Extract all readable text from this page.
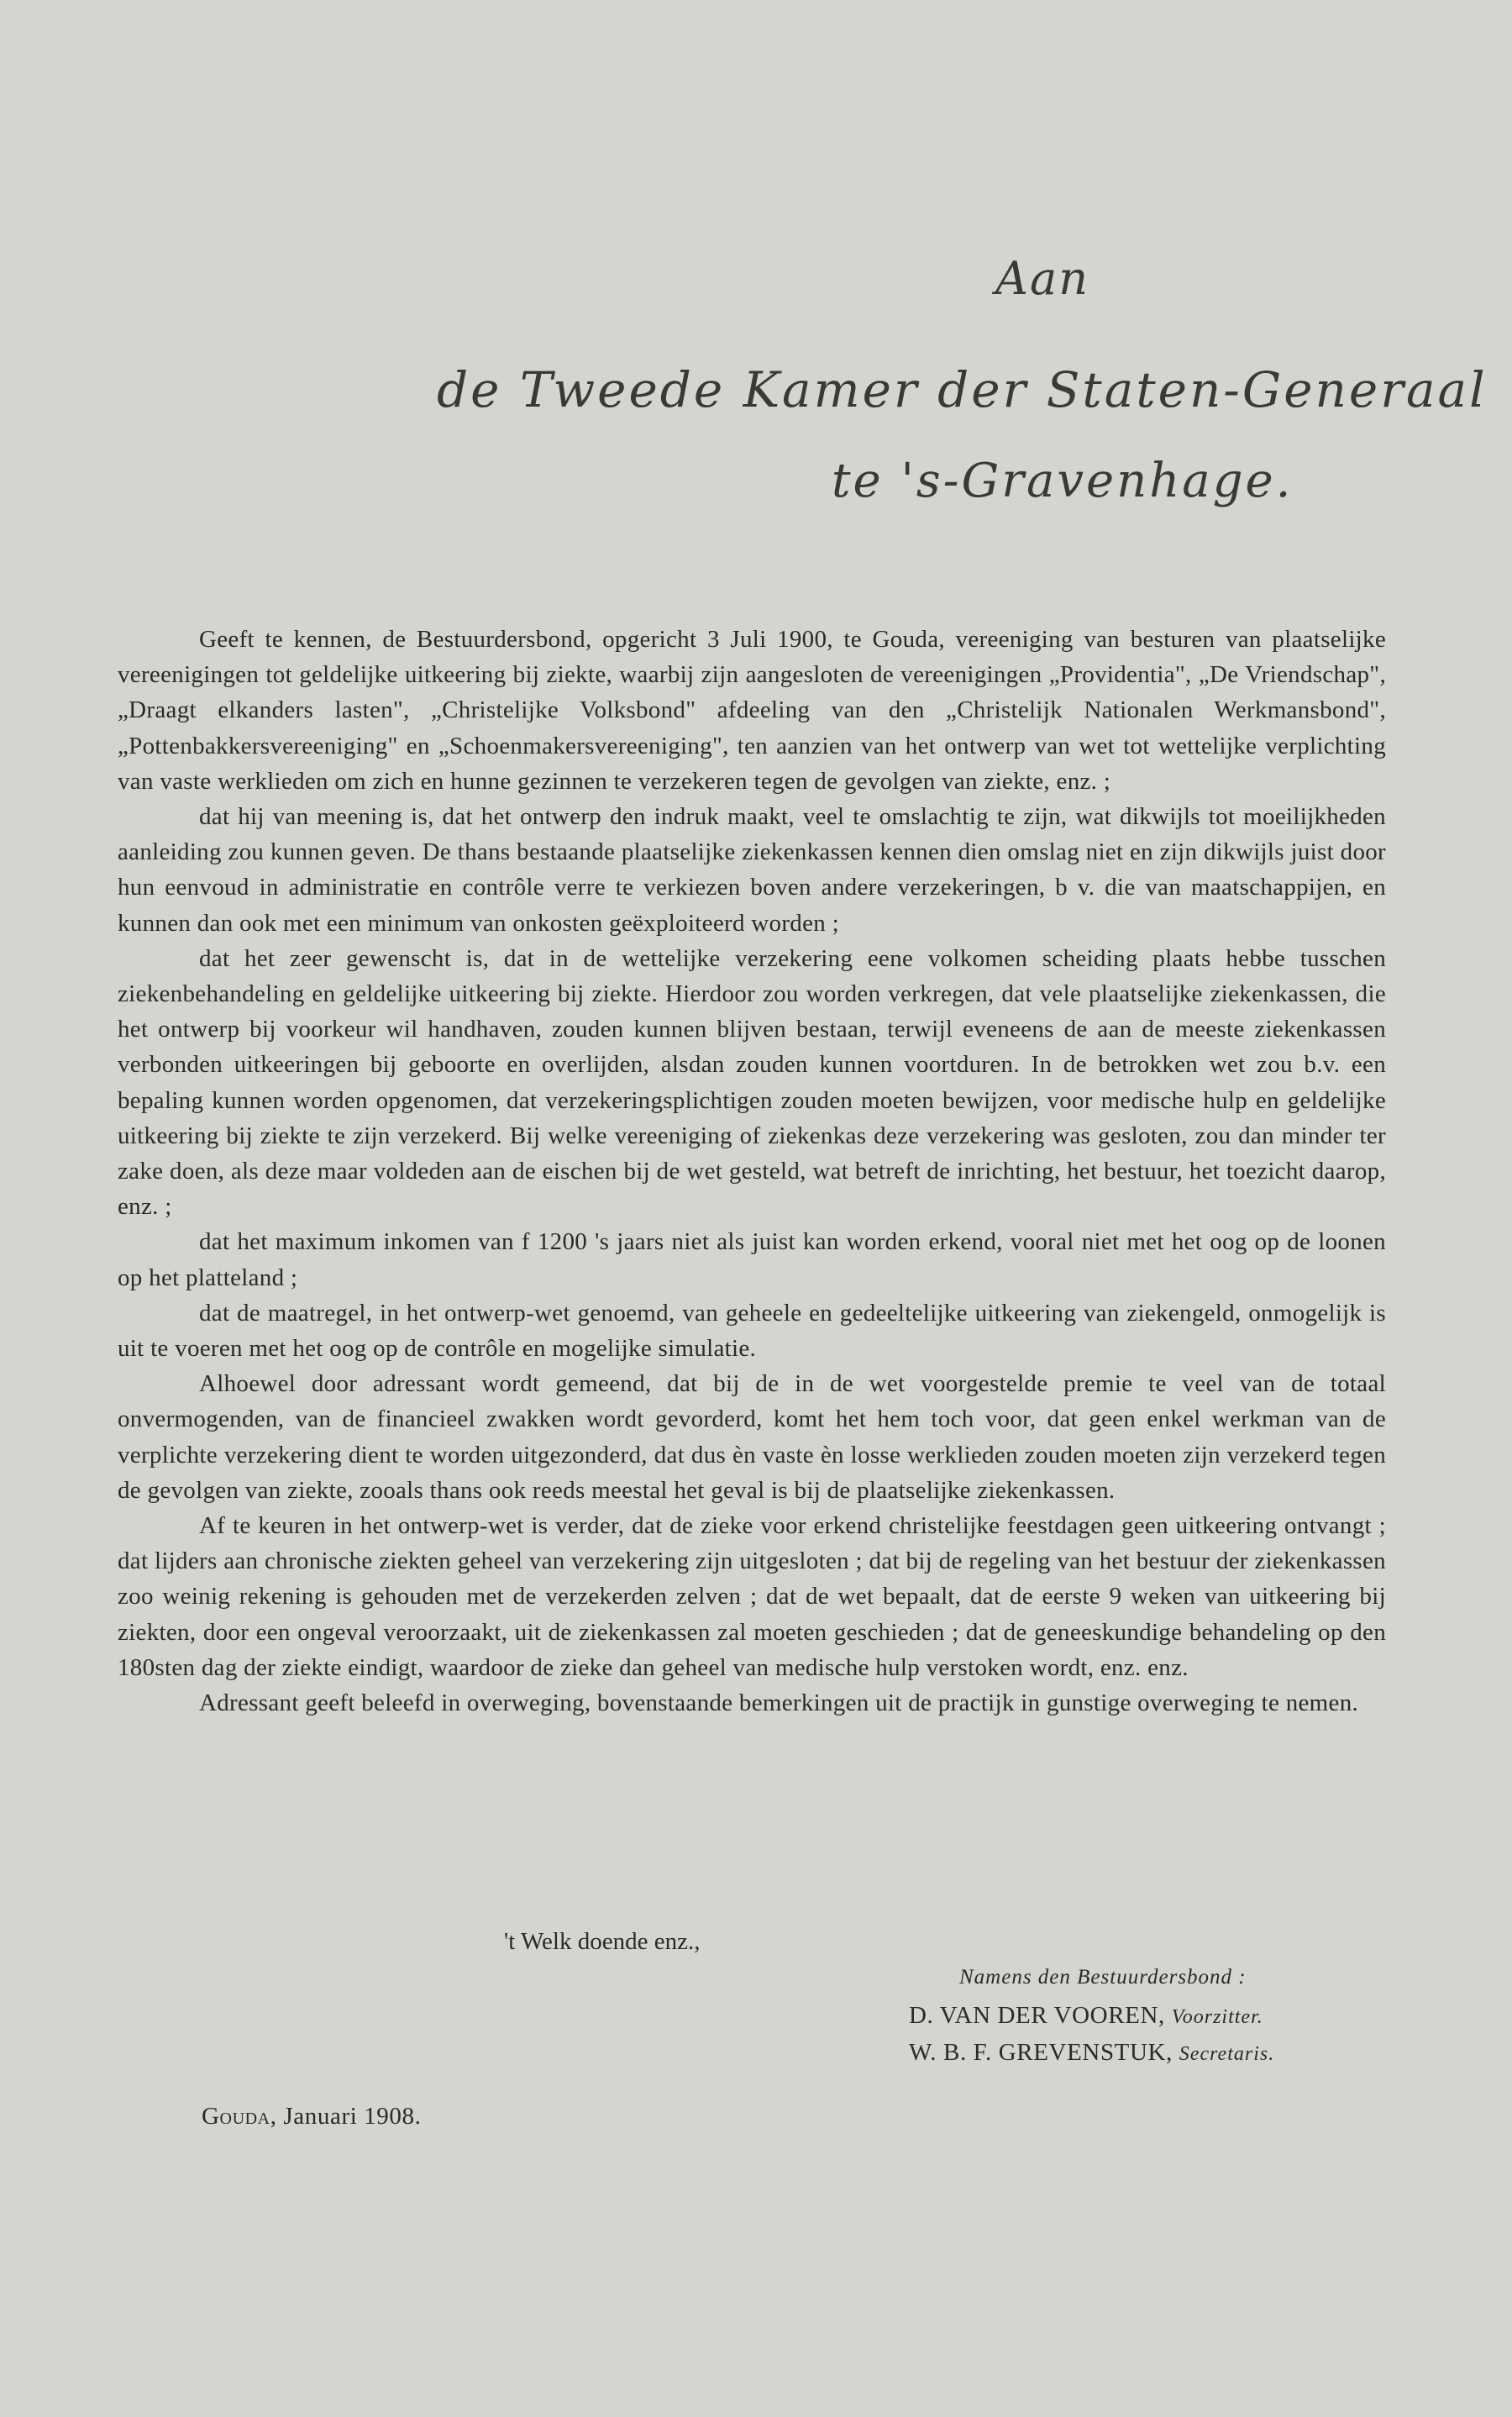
Aan
de Tweede Kamer der Staten-Generaal
te 's-Gravenhage.

Geeft te kennen, de Bestuurdersbond, opgericht 3 Juli 1900, te Gouda, vereeniging van besturen van plaatselijke vereenigingen tot geldelijke uitkeering bij ziekte, waarbij zijn aangesloten de vereenigingen „Providentia", „De Vriendschap", „Draagt elkanders lasten", „Christelijke Volksbond" afdeeling van den „Christelijk Nationalen Werkmansbond", „Pottenbakkersvereeniging" en „Schoenmakersvereeniging", ten aanzien van het ontwerp van wet tot wettelijke verplichting van vaste werklieden om zich en hunne gezinnen te verzekeren tegen de gevolgen van ziekte, enz. ;

dat hij van meening is, dat het ontwerp den indruk maakt, veel te omslachtig te zijn, wat dikwijls tot moeilijkheden aanleiding zou kunnen geven. De thans bestaande plaatselijke ziekenkassen kennen dien omslag niet en zijn dikwijls juist door hun eenvoud in administratie en contrôle verre te verkiezen boven andere verzekeringen, b v. die van maatschappijen, en kunnen dan ook met een minimum van onkosten geëxploiteerd worden ;

dat het zeer gewenscht is, dat in de wettelijke verzekering eene volkomen scheiding plaats hebbe tusschen ziekenbehandeling en geldelijke uitkeering bij ziekte. Hierdoor zou worden verkregen, dat vele plaatselijke ziekenkassen, die het ontwerp bij voorkeur wil handhaven, zouden kunnen blijven bestaan, terwijl eveneens de aan de meeste ziekenkassen verbonden uitkeeringen bij geboorte en overlijden, alsdan zouden kunnen voortduren. In de betrokken wet zou b.v. een bepaling kunnen worden opgenomen, dat verzekeringsplichtigen zouden moeten bewijzen, voor medische hulp en geldelijke uitkeering bij ziekte te zijn verzekerd. Bij welke vereeniging of ziekenkas deze verzekering was gesloten, zou dan minder ter zake doen, als deze maar voldeden aan de eischen bij de wet gesteld, wat betreft de inrichting, het bestuur, het toezicht daarop, enz. ;

dat het maximum inkomen van f 1200 's jaars niet als juist kan worden erkend, vooral niet met het oog op de loonen op het platteland ;

dat de maatregel, in het ontwerp-wet genoemd, van geheele en gedeeltelijke uitkeering van ziekengeld, onmogelijk is uit te voeren met het oog op de contrôle en mogelijke simulatie.

Alhoewel door adressant wordt gemeend, dat bij de in de wet voorgestelde premie te veel van de totaal onvermogenden, van de financieel zwakken wordt gevorderd, komt het hem toch voor, dat geen enkel werkman van de verplichte verzekering dient te worden uitgezonderd, dat dus èn vaste èn losse werklieden zouden moeten zijn verzekerd tegen de gevolgen van ziekte, zooals thans ook reeds meestal het geval is bij de plaatselijke ziekenkassen.

Af te keuren in het ontwerp-wet is verder, dat de zieke voor erkend christelijke feestdagen geen uitkeering ontvangt ; dat lijders aan chronische ziekten geheel van verzekering zijn uitgesloten ; dat bij de regeling van het bestuur der ziekenkassen zoo weinig rekening is gehouden met de verzekerden zelven ; dat de wet bepaalt, dat de eerste 9 weken van uitkeering bij ziekten, door een ongeval veroorzaakt, uit de ziekenkassen zal moeten geschieden ; dat de geneeskundige behandeling op den 180sten dag der ziekte eindigt, waardoor de zieke dan geheel van medische hulp verstoken wordt, enz. enz.

Adressant geeft beleefd in overweging, bovenstaande bemerkingen uit de practijk in gunstige overweging te nemen.

't Welk doende enz.,
Namens den Bestuurdersbond :
D. VAN DER VOOREN, Voorzitter.
W. B. F. GREVENSTUK, Secretaris.
Gouda, Januari 1908.
